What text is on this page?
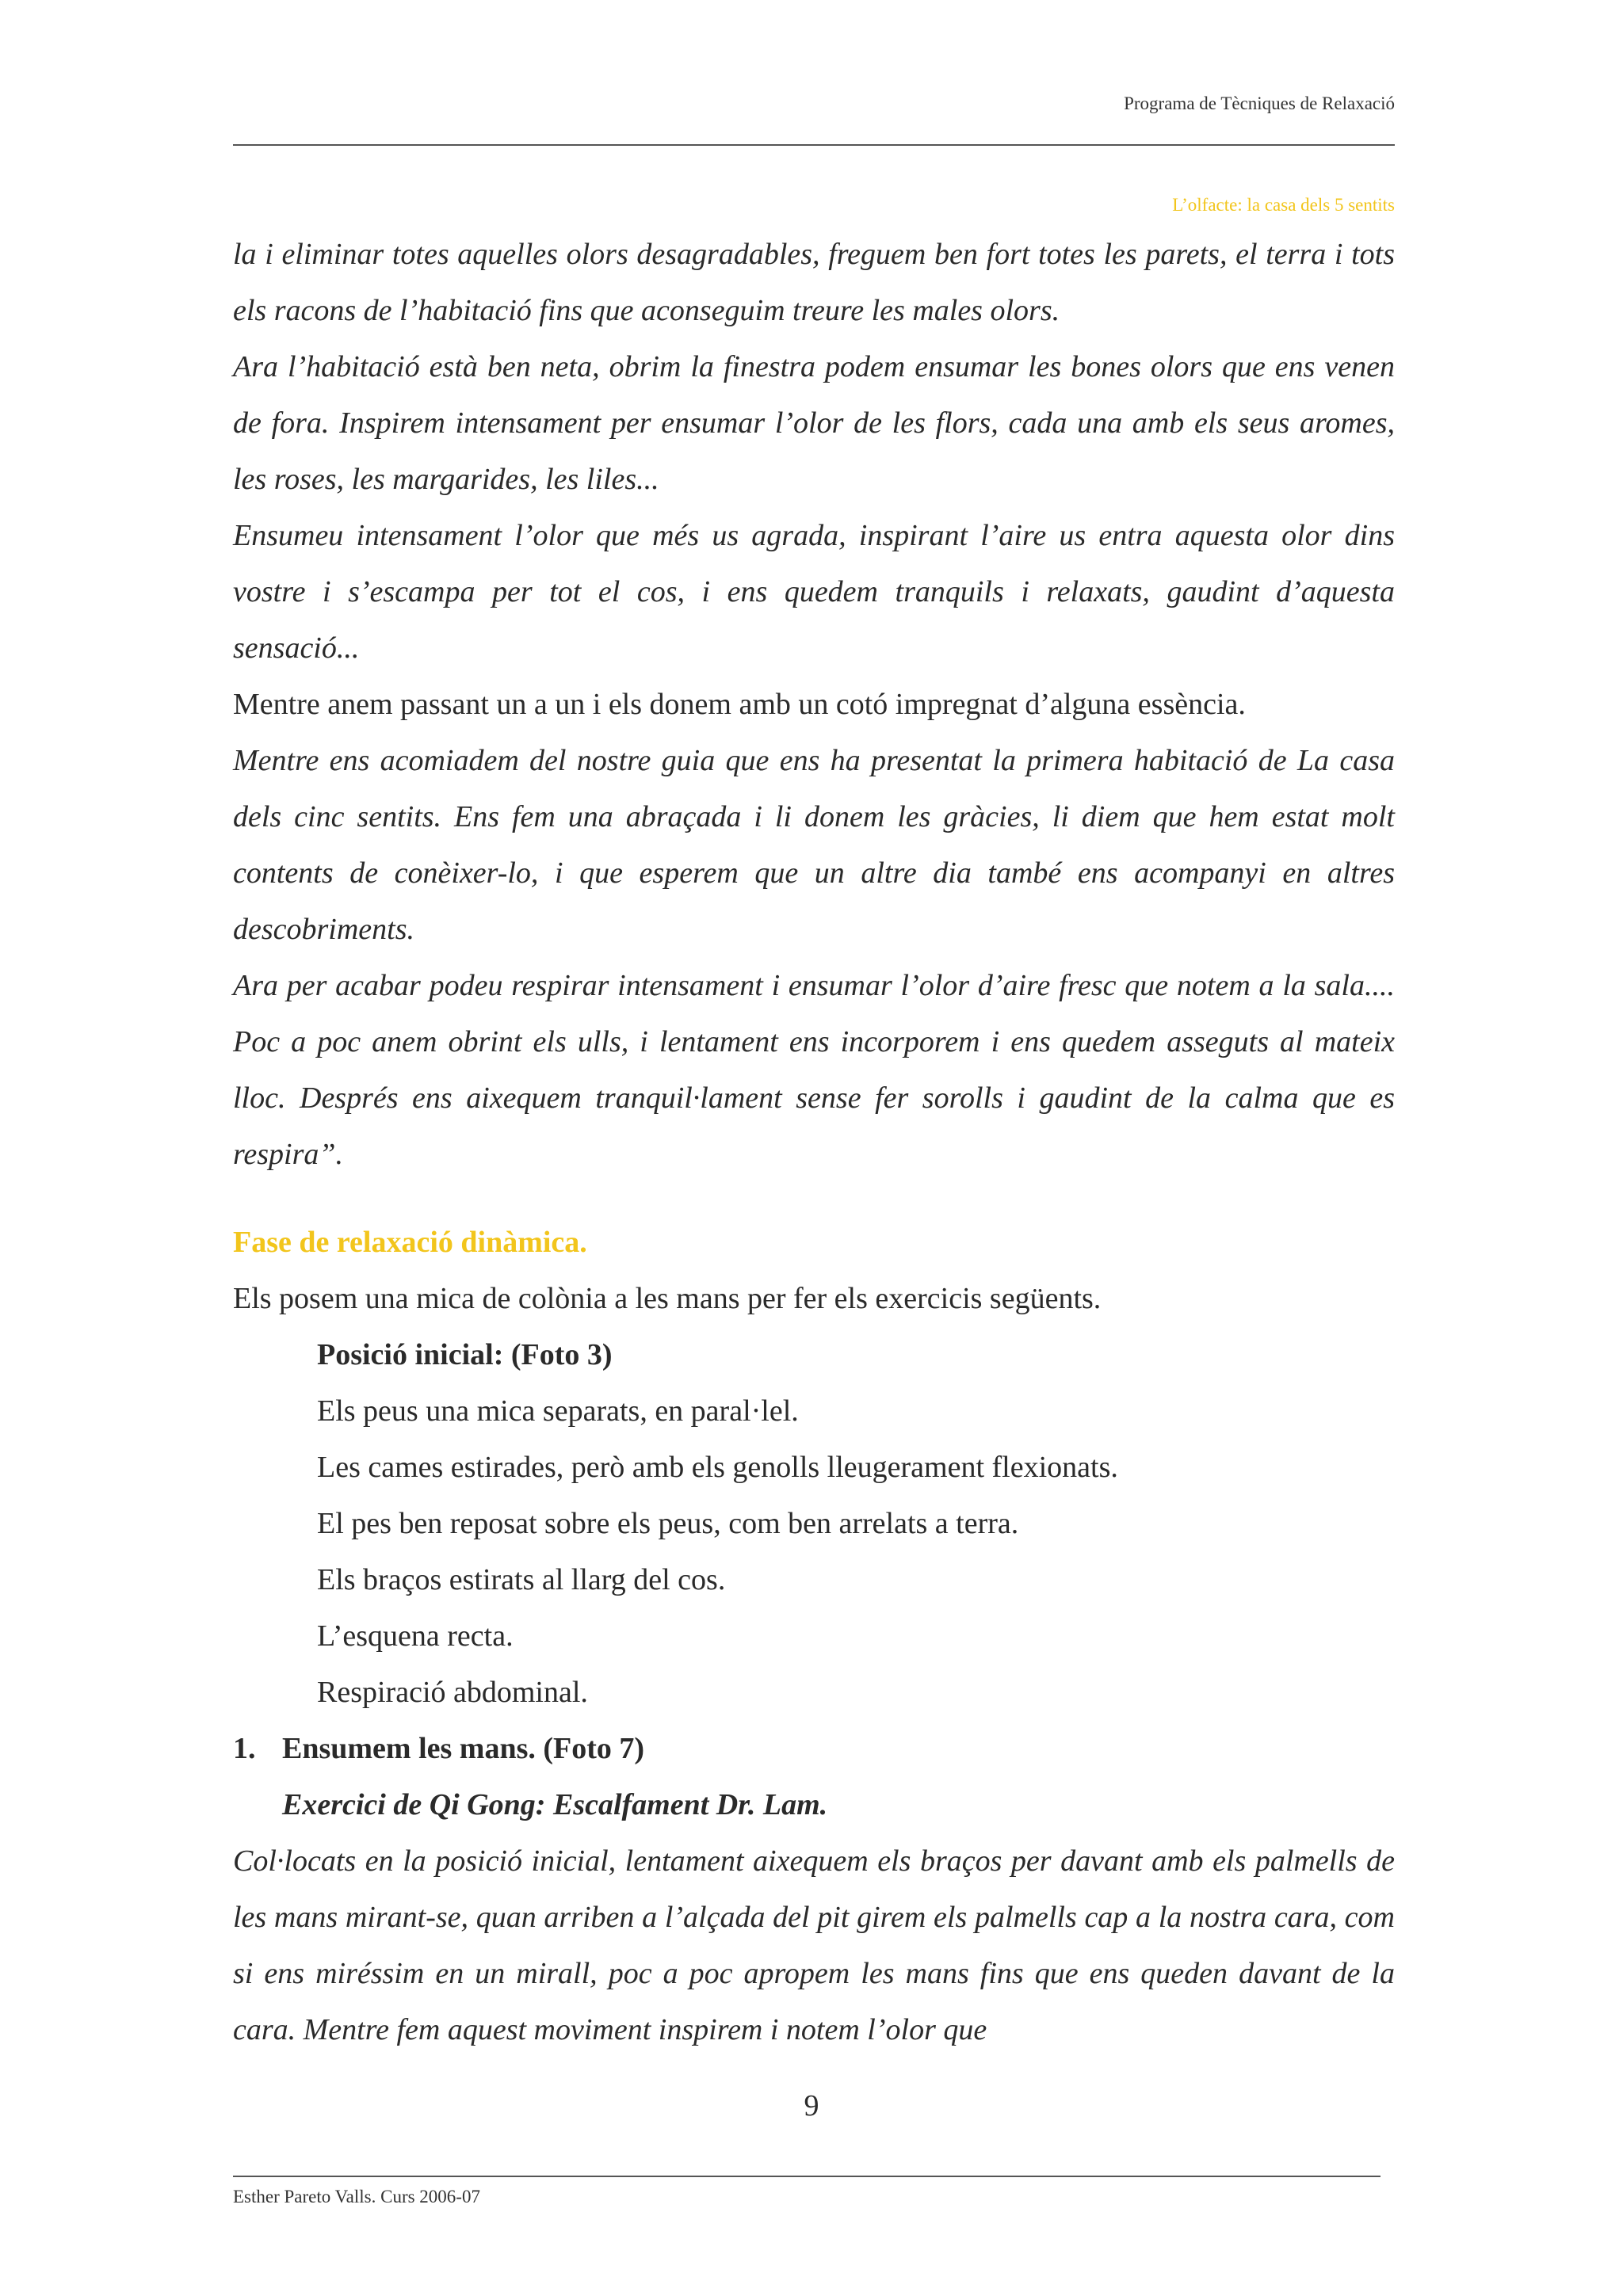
Programa de Tècniques de Relaxació
L’olfacte: la casa dels 5 sentits

la i eliminar totes aquelles olors desagradables, freguem ben fort totes les parets, el terra i tots els racons de l’habitació fins que aconseguim treure les males olors.

Ara l’habitació està ben neta, obrim la finestra podem ensumar les bones olors que ens venen de fora. Inspirem intensament per ensumar l’olor de les flors, cada una amb els seus aromes, les roses, les margarides, les liles...

Ensumeu intensament l’olor que més us agrada, inspirant l’aire us entra aquesta olor dins vostre i s’escampa per tot el cos, i ens quedem tranquils i relaxats, gaudint d’aquesta sensació...

Mentre anem passant un a un i els donem amb un cotó impregnat d’alguna essència.

Mentre ens acomiadem del nostre guia que ens ha presentat la primera habitació de La casa dels cinc sentits. Ens fem una abraçada i li donem les gràcies, li diem que hem estat molt contents de conèixer-lo, i que esperem que un altre dia també ens acompanyi en altres descobriments.

Ara per acabar podeu respirar intensament i ensumar l’olor d’aire fresc que notem a la sala.... Poc a poc anem obrint els ulls, i lentament ens incorporem i ens quedem asseguts al mateix lloc. Després ens aixequem tranquil·lament sense fer sorolls i gaudint de la calma que es respira”.

Fase de relaxació dinàmica.

Els posem una mica de colònia a les mans per fer els exercicis següents.

Posició inicial: (Foto 3)

Els peus una mica separats, en paral·lel.

Les cames estirades, però amb els genolls lleugerament flexionats.

El pes ben reposat sobre els peus, com ben arrelats a terra.

Els braços estirats al llarg del cos.

L’esquena recta.

Respiració abdominal.

1. Ensumem les mans. (Foto 7)

Exercici de Qi Gong: Escalfament Dr. Lam.

Col·locats en la posició inicial, lentament aixequem els braços per davant amb els palmells de les mans mirant-se, quan arriben a l’alçada del pit girem els palmells cap a la nostra cara, com si ens miréssim en un mirall, poc a poc apropem les mans fins que ens queden davant de la cara. Mentre fem aquest moviment inspirem i notem l’olor que

9
Esther Pareto Valls. Curs 2006-07
